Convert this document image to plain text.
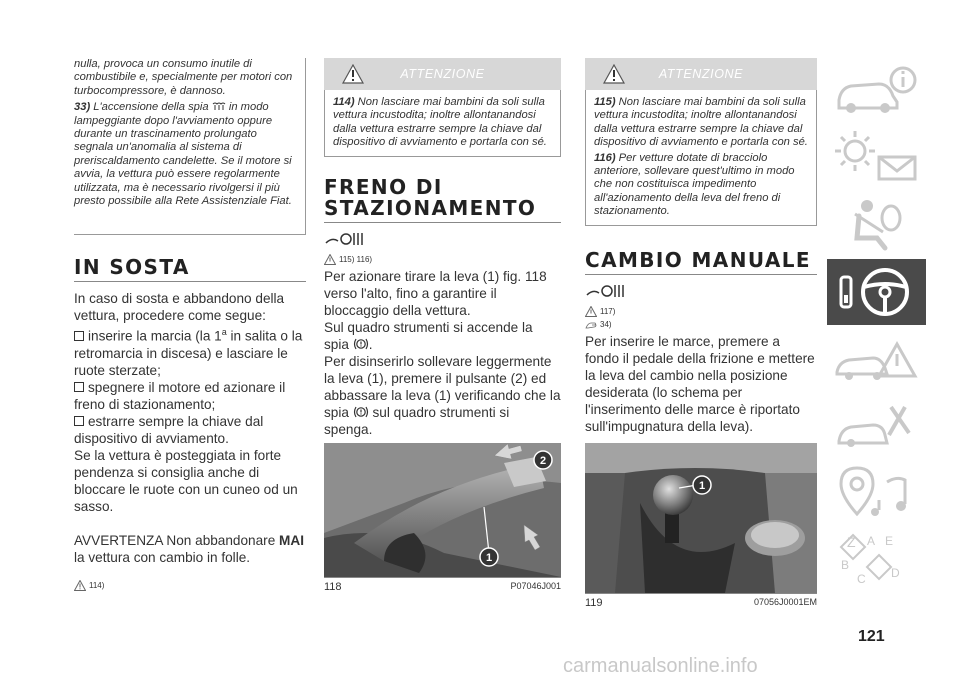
nulla, provoca un consumo inutile di combustibile e, specialmente per motori con turbocompressore, è dannoso.

33) L'accensione della spia in modo lampeggiante dopo l'avviamento oppure durante un trascinamento prolungato segnala un'anomalia al sistema di preriscaldamento candelette. Se il motore si avvia, la vettura può essere regolarmente utilizzata, ma è necessario rivolgersi il più presto possibile alla Rete Assistenziale Fiat.

IN SOSTA

In caso di sosta e abbandono della vettura, procedere come segue:

inserire la marcia (la 1$^a$ in salita o la retromarcia in discesa) e lasciare le ruote sterzate;

spegnere il motore ed azionare il freno di stazionamento;

estrarre sempre la chiave dal dispositivo di avviamento.

Se la vettura è posteggiata in forte pendenza si consiglia anche di bloccare le ruote con un cuneo od un sasso.

AVVERTENZA Non abbandonare MAI la vettura con cambio in folle.

114)
ATTENZIONE

114) Non lasciare mai bambini da soli sulla vettura incustodita; inoltre allontanandosi dalla vettura estrarre sempre la chiave dal dispositivo di avviamento e portarla con sé.

FRENO DI STAZIONAMENTO
115) 116)

Per azionare tirare la leva (1) fig. 118 verso l'alto, fino a garantire il bloccaggio della vettura.

Sul quadro strumenti si accende la spia .

Per disinserirlo sollevare leggermente la leva (1), premere il pulsante (2) ed abbassare la leva (1) verificando che la spia sul quadro strumenti si spenga.

1
2
118	P07046J001
ATTENZIONE

115) Non lasciare mai bambini da soli sulla vettura incustodita; inoltre allontanandosi dalla vettura estrarre sempre la chiave dal dispositivo di avviamento e portarla con sé.

116) Per vetture dotate di bracciolo anteriore, sollevare quest'ultimo in modo che non costituisca impedimento all'azionamento della leva del freno di stazionamento.

CAMBIO MANUALE
117)
34)

Per inserire le marce, premere a fondo il pedale della frizione e mettere la leva del cambio nella posizione desiderata (lo schema per l'inserimento delle marce è riportato sull'impugnatura della leva).

1
119	07056J0001EM
Z A E
B
C D
121
carmanualsonline.info
